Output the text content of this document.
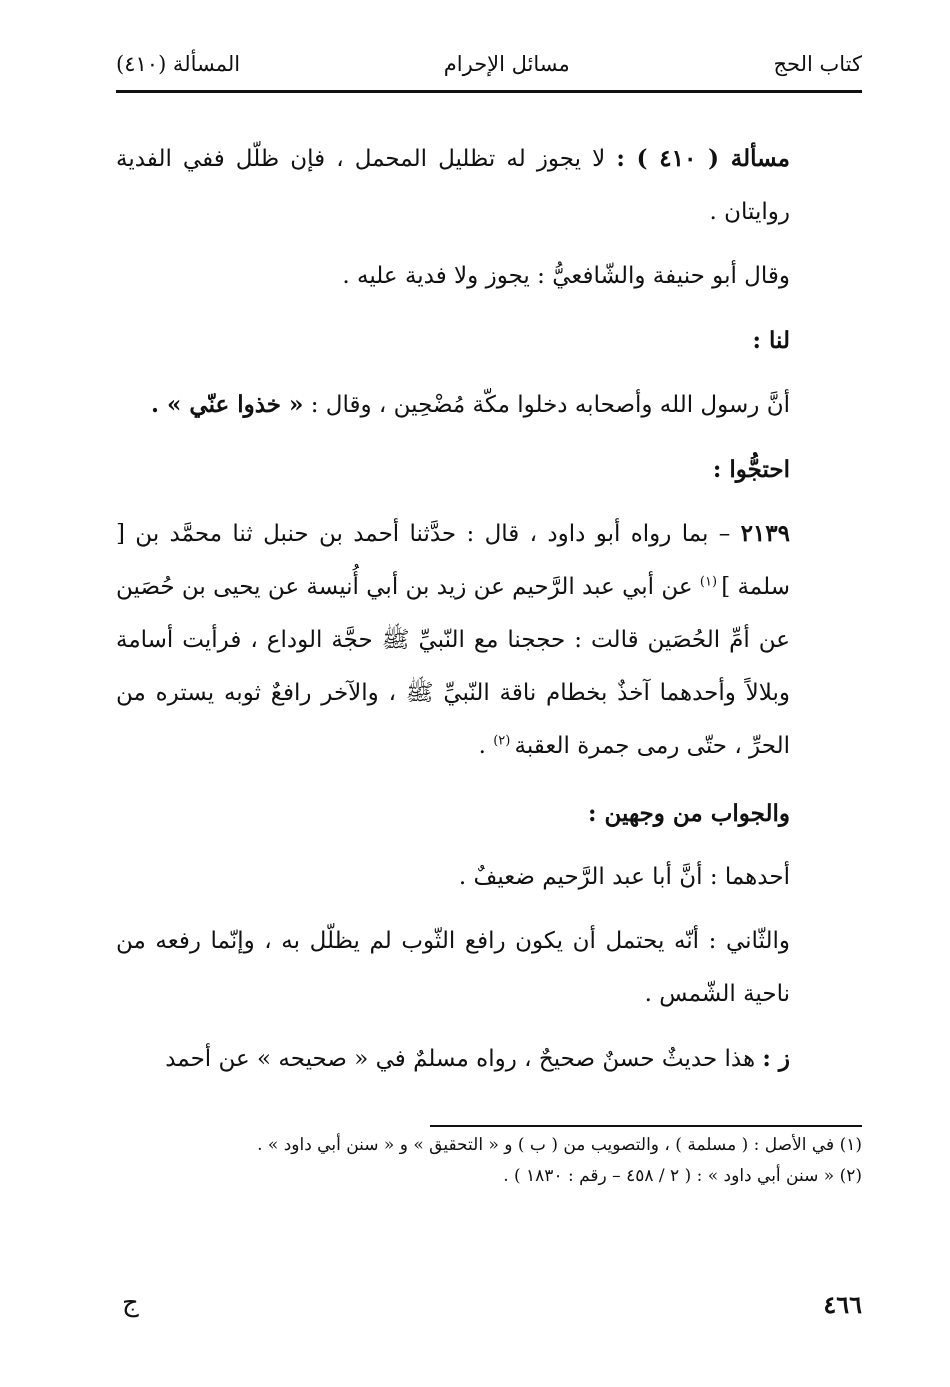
كتاب الحج
مسائل الإحرام
المسألة (٤١٠)

مسألة ( ٤١٠ ) : لا يجوز له تظليل المحمل ، فإن ظلّل ففي الفدية روايتان .

وقال أبو حنيفة والشّافعيُّ : يجوز ولا فدية عليه .

لنا :

أنَّ رسول الله وأصحابه دخلوا مكّة مُضْحِين ، وقال : « خذوا عنّي » .

احتجُّوا :

٢١٣٩ – بما رواه أبو داود ، قال : حدَّثنا أحمد بن حنبل ثنا محمَّد بن [ سلمة ] $^{(١)}$ عن أبي عبد الرَّحيم عن زيد بن أبي أُنيسة عن يحيى بن حُصَين عن أمِّ الحُصَين قالت : حججنا مع النّبيِّ ﷺ حجَّة الوداع ، فرأيت أسامة وبلالاً وأحدهما آخذٌ بخطام ناقة النّبيِّ ﷺ ، والآخر رافعٌ ثوبه يستره من الحرِّ ، حتّى رمى جمرة العقبة $^{(٢)}$ .

والجواب من وجهين :

أحدهما : أنَّ أبا عبد الرَّحيم ضعيفٌ .

والثّاني : أنّه يحتمل أن يكون رافع الثّوب لم يظلّل به ، وإنّما رفعه من ناحية الشّمس .

ز : هذا حديثٌ حسنٌ صحيحٌ ، رواه مسلمٌ في « صحيحه » عن أحمد

(١) في الأصل : ( مسلمة ) ، والتصويب من ( ب ) و « التحقيق » و « سنن أبي داود » .
(٢) « سنن أبي داود » : ( ٢ / ٤٥٨ – رقم : ١٨٣٠ ) .
٤٦٦
ج
